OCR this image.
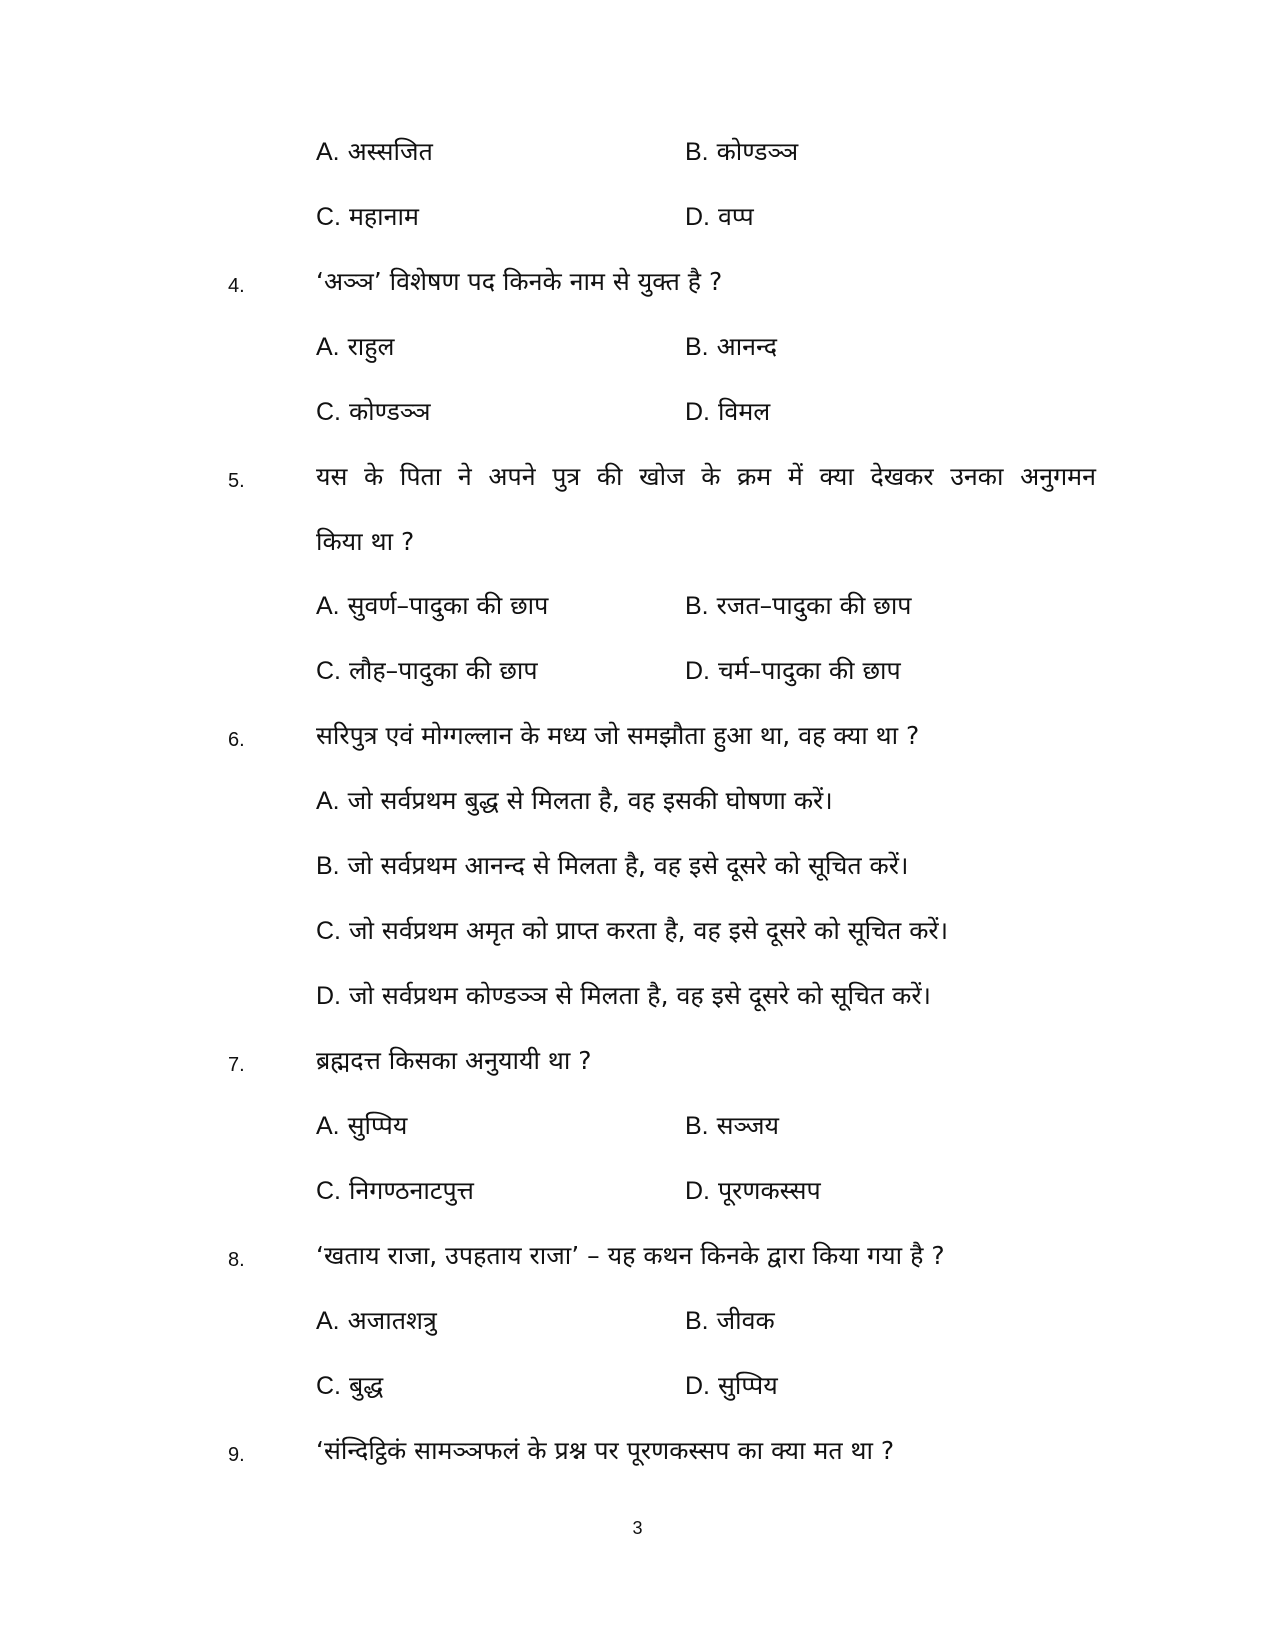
A. अस्सजित	B. कोण्डञ्ञ
C. महानाम	D. वप्प
4.	‘अञ्ञ’ विशेषण पद किनके नाम से युक्त है ?
A. राहुल	B. आनन्द
C. कोण्डञ्ञ	D. विमल
5.	यस के पिता ने अपने पुत्र की खोज के क्रम में क्या देखकर उनका अनुगमन
किया था ?
A. सुवर्ण–पादुका की छाप	B. रजत–पादुका की छाप
C. लौह–पादुका की छाप	D. चर्म–पादुका की छाप
6.	सरिपुत्र एवं मोग्गल्लान के मध्य जो समझौता हुआ था, वह क्या था ?
A. जो सर्वप्रथम बुद्ध से मिलता है, वह इसकी घोषणा करें।
B. जो सर्वप्रथम आनन्द से मिलता है, वह इसे दूसरे को सूचित करें।
C. जो सर्वप्रथम अमृत को प्राप्त करता है, वह इसे दूसरे को सूचित करें।
D. जो सर्वप्रथम कोण्डञ्ञ से मिलता है, वह इसे दूसरे को सूचित करें।
7.	ब्रह्मदत्त किसका अनुयायी था ?
A. सुप्पिय	B. सञ्जय
C. निगण्ठनाटपुत्त	D. पूरणकस्सप
8.	‘खताय राजा, उपहताय राजा’ – यह कथन किनके द्वारा किया गया है ?
A. अजातशत्रु	B. जीवक
C. बुद्ध	D. सुप्पिय
9.	‘संन्दिट्ठिकं सामञ्ञफलं के प्रश्न पर पूरणकस्सप का क्या मत था ?
3
